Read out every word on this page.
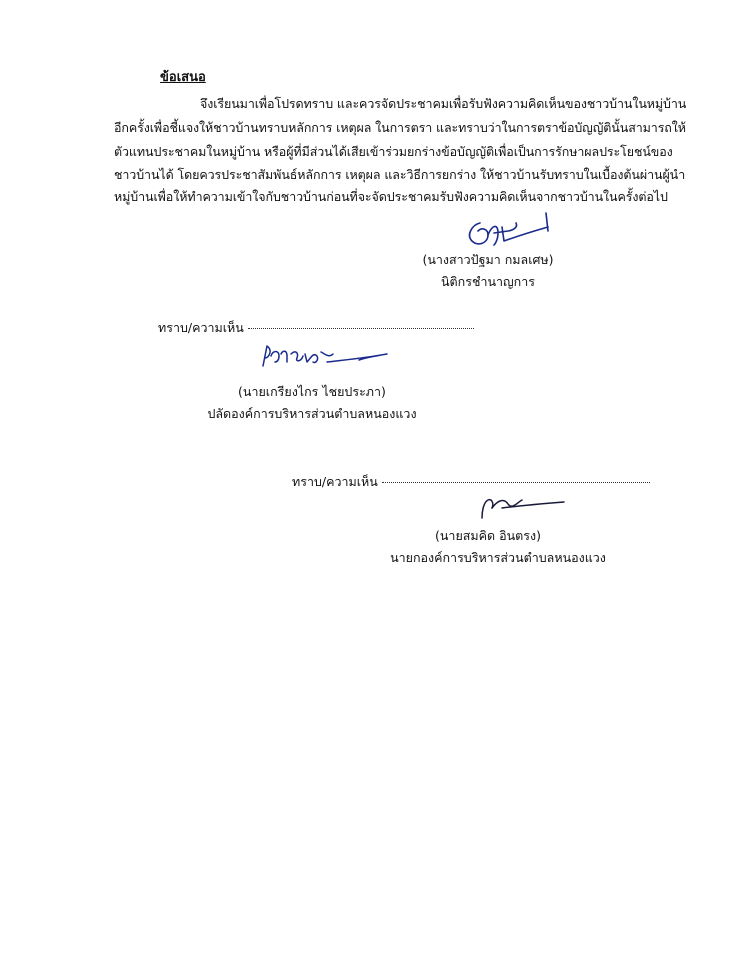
ข้อเสนอ
จึงเรียนมาเพื่อโปรดทราบ และควรจัดประชาคมเพื่อรับฟังความคิดเห็นของชาวบ้านในหมู่บ้าน
อีกครั้งเพื่อชี้แจงให้ชาวบ้านทราบหลักการ เหตุผล ในการตรา และทราบว่าในการตราข้อบัญญัตินั้นสามารถให้
ตัวแทนประชาคมในหมู่บ้าน หรือผู้ที่มีส่วนได้เสียเข้าร่วมยกร่างข้อบัญญัติเพื่อเป็นการรักษาผลประโยชน์ของ
ชาวบ้านได้ โดยควรประชาสัมพันธ์หลักการ เหตุผล และวิธีการยกร่าง ให้ชาวบ้านรับทราบในเบื้องต้นผ่านผู้นำ
หมู่บ้านเพื่อให้ทำความเข้าใจกับชาวบ้านก่อนที่จะจัดประชาคมรับฟังความคิดเห็นจากชาวบ้านในครั้งต่อไป
(นางสาวปัฐมา กมลเศษ)
นิติกรชำนาญการ
ทราบ/ความเห็น
(นายเกรียงไกร ไชยประภา)
ปลัดองค์การบริหารส่วนตำบลหนองแวง
ทราบ/ความเห็น
(นายสมคิด อินตรง)
นายกองค์การบริหารส่วนตำบลหนองแวง
